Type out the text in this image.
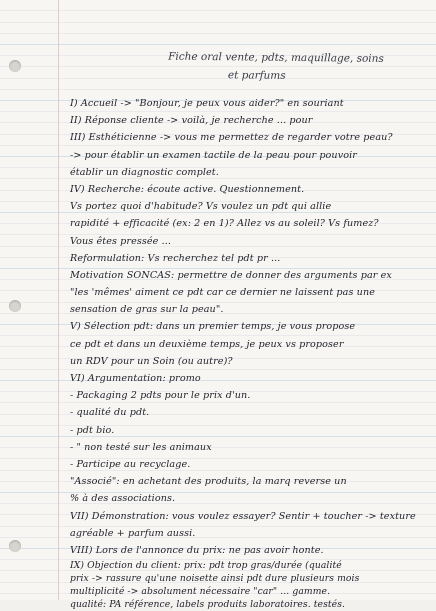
Fiche oral vente, pdts, maquillage, soins
et parfums
I) Accueil -> "Bonjour, je peux vous aider?" en souriant
II) Réponse cliente -> voilà, je recherche ... pour
III) Esthéticienne -> vous me permettez de regarder votre peau?
-> pour établir un examen tactile de la peau pour pouvoir
établir un diagnostic complet.
IV) Recherche: écoute active. Questionnement.
Vs portez quoi d'habitude? Vs voulez un pdt qui allie
rapidité + efficacité (ex: 2 en 1)? Allez vs au soleil? Vs fumez?
Vous êtes pressée ...
Reformulation: Vs recherchez tel pdt pr ...
Motivation SONCAS: permettre de donner des arguments par ex
"les 'mêmes' aiment ce pdt car ce dernier ne laissent pas une
sensation de gras sur la peau".
V) Sélection pdt: dans un premier temps, je vous propose
ce pdt et dans un deuxième temps, je peux vs proposer
un RDV pour un Soin (ou autre)?
VI) Argumentation: promo
- Packaging 2 pdts pour le prix d'un.
- qualité du pdt.
- pdt bio.
- " non testé sur les animaux
- Participe au recyclage.
"Associé": en achetant des produits, la marq reverse un
% à des associations.
VII) Démonstration: vous voulez essayer? Sentir + toucher -> texture
agréable + parfum aussi.
VIII) Lors de l'annonce du prix: ne pas avoir honte.
IX) Objection du client: prix: pdt trop gras/durée (qualité
prix -> rassure qu'une noisette ainsi pdt dure plusieurs mois
multiplicité -> absolument nécessaire "car" ... gamme.
qualité: PA référence, labels produits laboratoires. testés.
